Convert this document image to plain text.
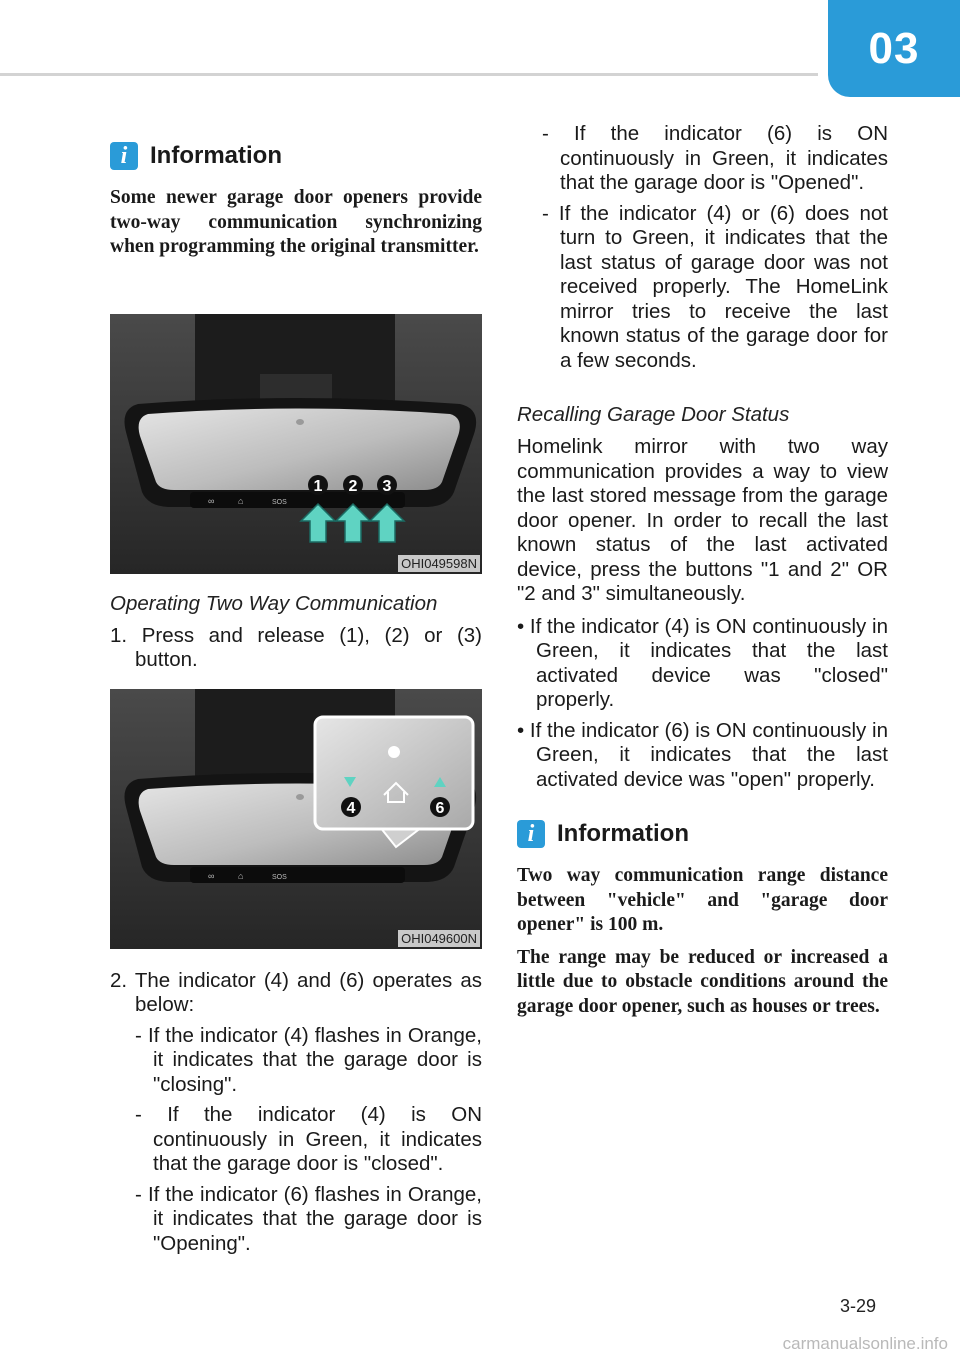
03
i Information

Some newer garage door openers provide two-way communication synchronizing when programming the original transmitter.

∞	⌂	SOS
1 2 3
OHI049598N
Operating Two Way Communication

1. Press and release (1), (2) or (3) button.

∞	⌂	SOS
4	6
OHI049600N

2. The indicator (4) and (6) operates as below:

- If the indicator (4) flashes in Orange, it indicates that the garage door is "closing".

- If the indicator (4) is ON continuously in Green, it indicates that the garage door is "closed".

- If the indicator (6) flashes in Orange, it indicates that the garage door is "Opening".

- If the indicator (6) is ON continuously in Green, it indicates that the garage door is "Opened".

- If the indicator (4) or (6) does not turn to Green, it indicates that the last status of garage door was not received properly. The HomeLink mirror tries to receive the last known status of the garage door for a few seconds.

Recalling Garage Door Status

Homelink mirror with two way communication provides a way to view the last stored message from the garage door opener. In order to recall the last known status of the last activated device, press the buttons "1 and 2" OR "2 and 3" simultaneously.

• If the indicator (4) is ON continuously in Green, it indicates that the last activated device was "closed" properly.

• If the indicator (6) is ON continuously in Green, it indicates that the last activated device was "open" properly.

i Information

Two way communication range distance between "vehicle" and "garage door opener" is 100 m.

The range may be reduced or increased a little due to obstacle conditions around the garage door opener, such as houses or trees.

3-29
carmanualsonline.info
